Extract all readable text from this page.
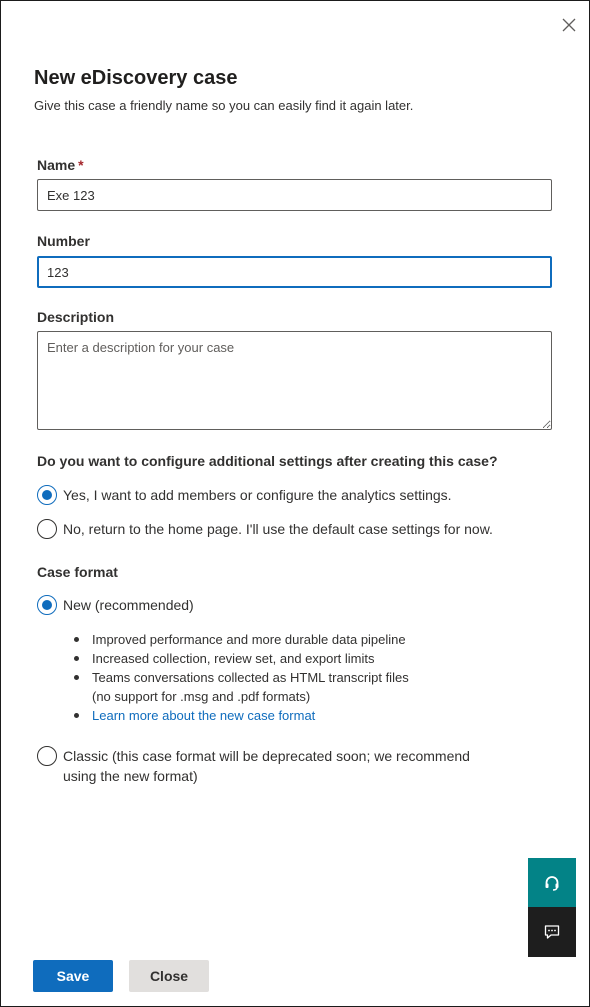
New eDiscovery case
Give this case a friendly name so you can easily find it again later.
Name *
Exe 123
Number
123
Description
Enter a description for your case
Do you want to configure additional settings after creating this case?
Yes, I want to add members or configure the analytics settings.
No, return to the home page. I'll use the default case settings for now.
Case format
New (recommended)
Improved performance and more durable data pipeline
Increased collection, review set, and export limits
Teams conversations collected as HTML transcript files (no support for .msg and .pdf formats)
Learn more about the new case format
Classic (this case format will be deprecated soon; we recommend using the new format)
Save	Close
